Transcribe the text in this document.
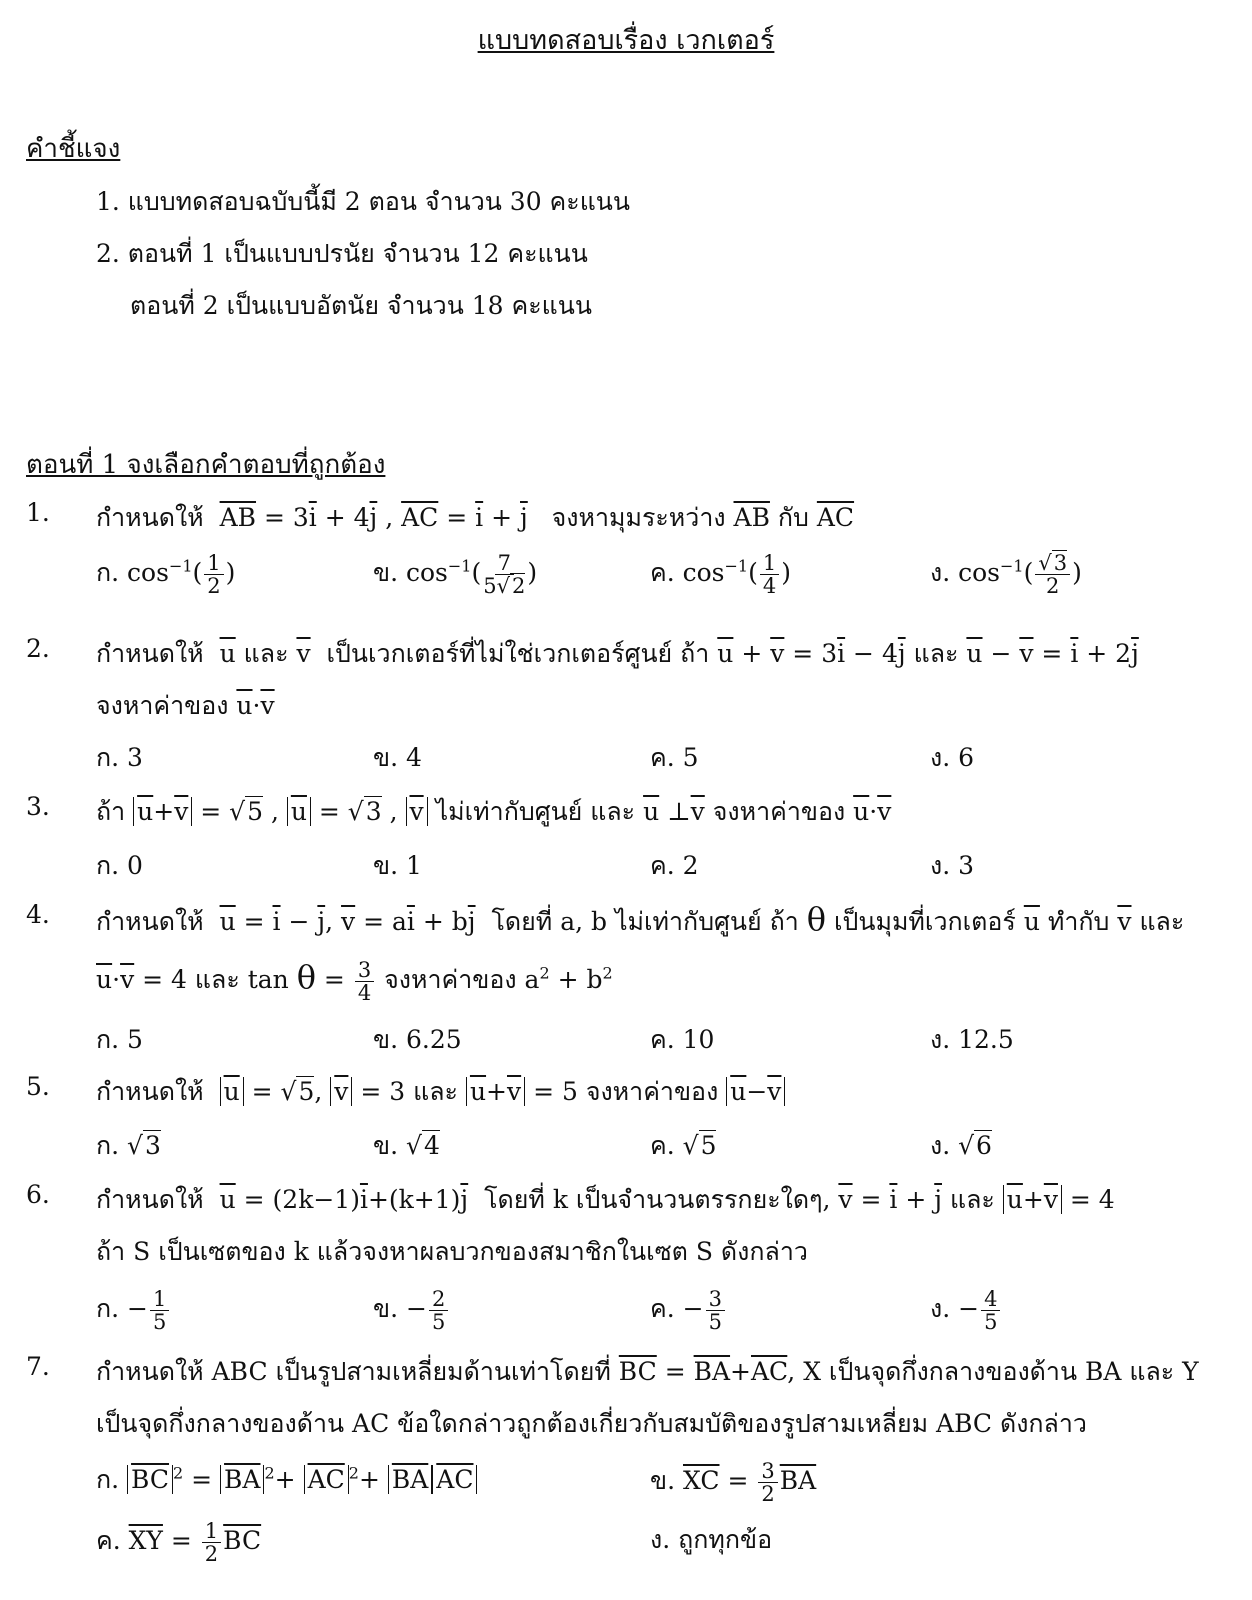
แบบทดสอบเรื่อง เวกเตอร์
คำชี้แจง
1. แบบทดสอบฉบับนี้มี 2 ตอน จำนวน 30 คะแนน
2. ตอนที่ 1 เป็นแบบปรนัย จำนวน 12 คะแนน
ตอนที่ 2 เป็นแบบอัตนัย จำนวน 18 คะแนน
ตอนที่ 1 จงเลือกคำตอบที่ถูกต้อง
1. กำหนดให้ $\overline{AB} = 3\overline{i} + 4\overline{j}$ , $\overline{AC} = \overline{i} + \overline{j}$ จงหามุมระหว่าง $\overline{AB}$ กับ $\overline{AC}$
ก. $\cos^{-1}( \frac{1}{2}$ )	ข. $\cos^{-1}( \frac{7}{5√2}$ )	ค. $\cos^{-1}( \frac{1}{4}$ )	ง. $\cos^{-1}( \frac{√3}{2}$ )
2. กำหนดให้ $\overline{u}$ และ $\overline{v}$ เป็นเวกเตอร์ที่ไม่ใช่เวกเตอร์ศูนย์ ถ้า $\overline{u} + \overline{v} = 3\overline{i} - 4\overline{j}$ และ $\overline{u} - \overline{v} = \overline{i} + 2\overline{j}$
จงหาค่าของ $\overline{u}\cdot\overline{v}$
ก. 3	ข. 4	ค. 5	ง. 6
3. ถ้า $\overline{u}+\overline{v} = √5$ , $\overline{u} = √3$ , $\overline{v}$ ไม่เท่ากับศูนย์ และ $\overline{u}$ $\perp\overline{v}$ จงหาค่าของ $\overline{u}\cdot\overline{v}$
ก. 0	ข. 1	ค. 2	ง. 3
4. กำหนดให้ $\overline{u} = \overline{i} - \overline{j}$, $\overline{v} = a\overline{i} + b\overline{j}$ โดยที่ a, b ไม่เท่ากับศูนย์ ถ้า θ เป็นมุมที่เวกเตอร์ $\overline{u}$ ทำกับ $\overline{v}$ และ
$\overline{u}\cdot\overline{v} = 4$ และ $\tan \theta = \frac{3}{4}$ จงหาค่าของ $a^2 + b^2$
ก. 5	ข. 6.25	ค. 10	ง. 12.5
5. กำหนดให้ $\overline{u} = √5$, $\overline{v} = 3$ และ $\overline{u}+\overline{v} = 5$ จงหาค่าของ $\overline{u}-\overline{v}$
ก. √3	ข. √4	ค. √5	ง. √6
6. กำหนดให้ $\overline{u} = (2k-1)\overline{i}+(k+1)\overline{j}$ โดยที่ k เป็นจำนวนตรรกยะใดๆ, $\overline{v} = \overline{i} + \overline{j}$ และ $\overline{u}+\overline{v} = 4$
ถ้า S เป็นเซตของ k แล้วจงหาผลบวกของสมาชิกในเซต S ดังกล่าว
ก. − $\frac{1}{5}$	ข. − $\frac{2}{5}$	ค. − $\frac{3}{5}$	ง. − $\frac{4}{5}$
7. กำหนดให้ ABC เป็นรูปสามเหลี่ยมด้านเท่าโดยที่ $\overline{BC} = \overline{BA}+\overline{AC}$, X เป็นจุดกึ่งกลางของด้าน BA และ Y
เป็นจุดกึ่งกลางของด้าน AC ข้อใดกล่าวถูกต้องเกี่ยวกับสมบัติของรูปสามเหลี่ยม ABC ดังกล่าว
ก. $\overline{BC}$ $^2 = \overline{BA}$ $^2+ \overline{AC}$ $^2+ \overline{BA}$ $\overline{AC}$	ข. $\overline{XC} = \frac{3}{2} \overline{BA}$
ค. $\overline{XY} = \frac{1}{2} \overline{BC}$	ง. ถูกทุกข้อ
